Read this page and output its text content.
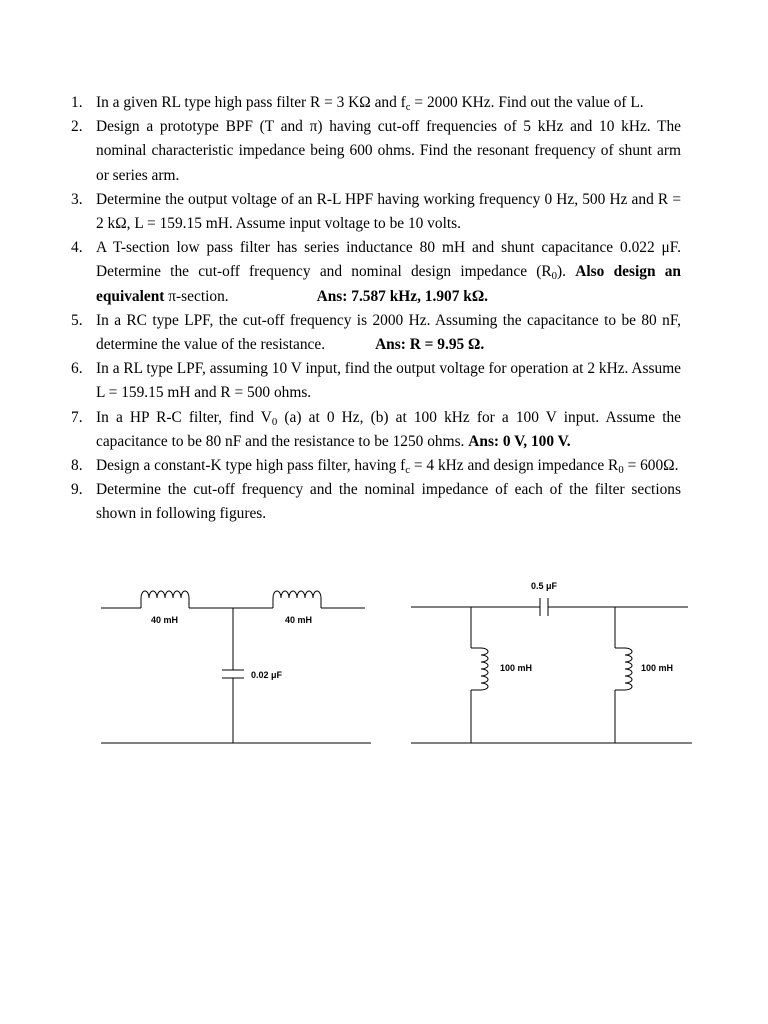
1. In a given RL type high pass filter R = 3 KΩ and $f_c = 2000$ KHz. Find out the value of L.
2. Design a prototype BPF (T and π) having cut-off frequencies of 5 kHz and 10 kHz. The nominal characteristic impedance being 600 ohms. Find the resonant frequency of shunt arm or series arm.
3. Determine the output voltage of an R-L HPF having working frequency 0 Hz, 500 Hz and R = 2 kΩ, L = 159.15 mH. Assume input voltage to be 10 volts.
4. A T-section low pass filter has series inductance 80 mH and shunt capacitance 0.022 μF. Determine the cut-off frequency and nominal design impedance $(R_0)$. Also design an equivalent π-section.	Ans: 7.587 kHz, 1.907 kΩ.
5. In a RC type LPF, the cut-off frequency is 2000 Hz. Assuming the capacitance to be 80 nF, determine the value of the resistance.	Ans: R = 9.95 Ω.
6. In a RL type LPF, assuming 10 V input, find the output voltage for operation at 2 kHz. Assume L = 159.15 mH and R = 500 ohms.
7. In a HP R-C filter, find $V_0$ (a) at 0 Hz, (b) at 100 kHz for a 100 V input. Assume the capacitance to be 80 nF and the resistance to be 1250 ohms. Ans: 0 V, 100 V.
8. Design a constant-K type high pass filter, having $f_c = 4$ kHz and design impedance $R_0 = 600\Omega$.
9. Determine the cut-off frequency and the nominal impedance of each of the filter sections shown in following figures.
40 mH	40 mH
0.02 μF
0.5 μF
100 mH	100 mH
